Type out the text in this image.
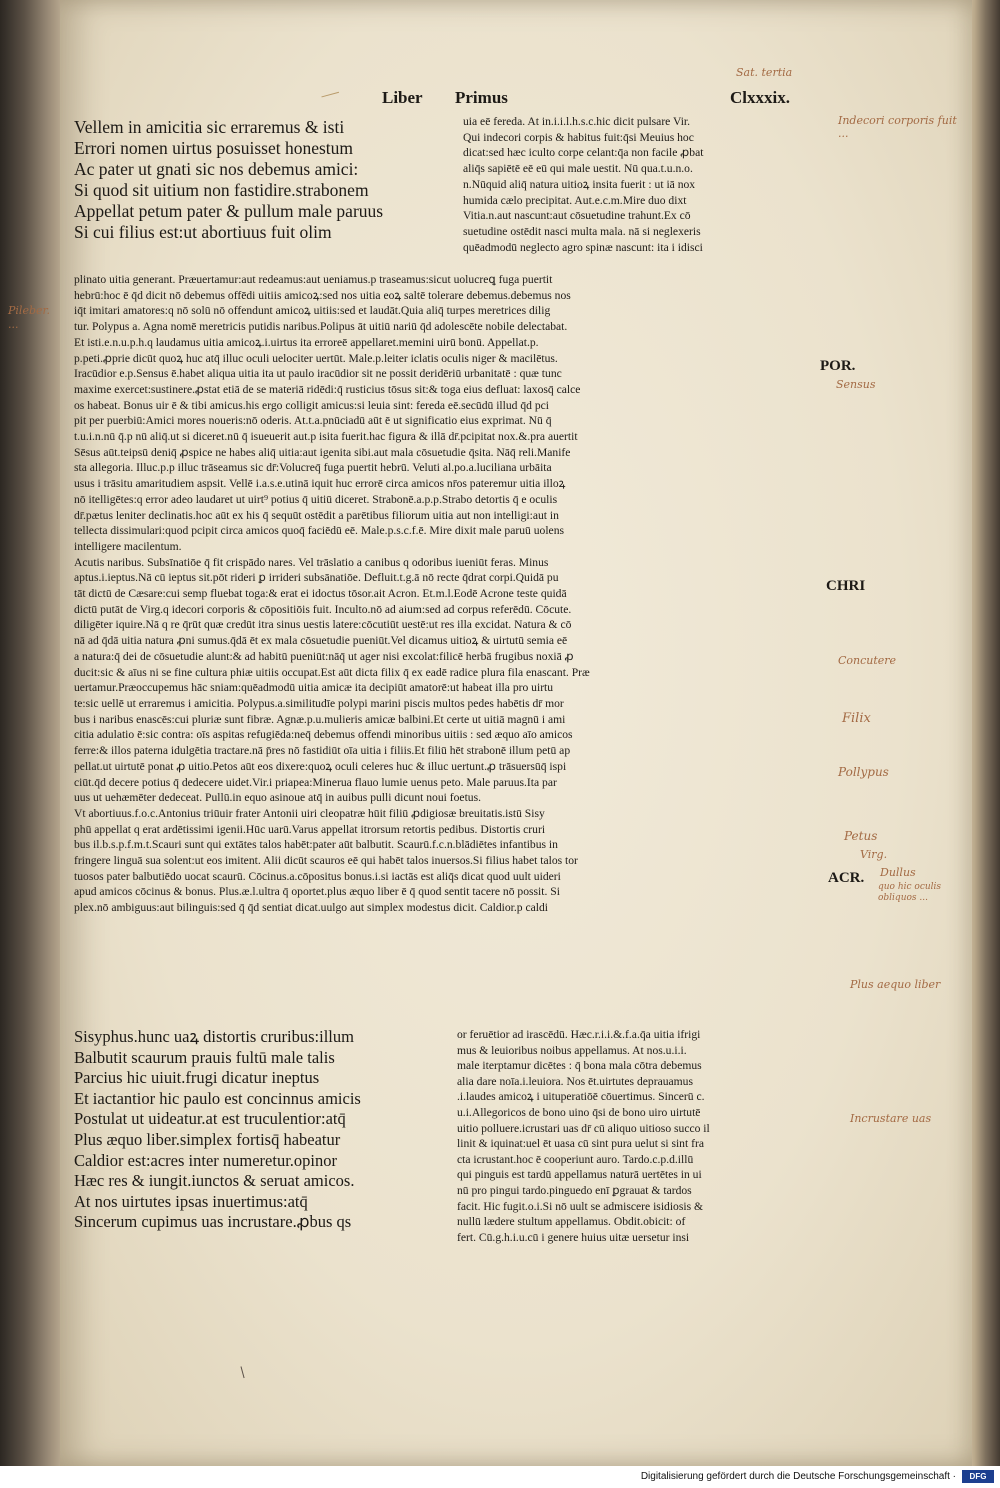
Liber Primus	Clxxxix.
Sat. tertia
Indecori corporis fuit ...
Pileber.
...
Vellem in amicitia sic erraremus & isti
Errori nomen uirtus posuisset honestum
Ac pater ut gnati sic nos debemus amici:
Si quod sit uitium non fastidire.strabonem
Appellat petum pater & pullum male paruus
Si cui filius est:ut abortiuus fuit olim
uia eē fereda. At in.i.i.l.h.s.c.hic dicit pulsare Vir.
Qui indecori corpis & habitus fuit:q̄si Meuius hoc
dicat:sed hæc iculto corpe celant:q̄a non facile ꝓbat
aliq̄s sapiētē eē eū qui male uestit. Nū qua.t.u.n.o.
n.Nūquid aliq̄ natura uitioꝝ insita fuerit : ut iā nox
humida cælo precipitat. Aut.e.c.m.Mire duo dixt
Vitia.n.aut nascunt:aut cōsuetudine trahunt.Ex cō
suetudine ostēdit nasci multa mala. nā si neglexeris
quēadmodū neglecto agro spinæ nascunt: ita i idisci
plinato uitia generant. Præuertamur:aut redeamus:aut ueniamus.p traseamus:sicut uolucreꝗ fuga puertit
hebrū:hoc ē q̄d dicit nō debemus offēdi uitiis amicoꝝ:sed nos uitia eoꝝ saltē tolerare debemus.debemus nos
iq̄t imitari amatores:q nō solū nō offendunt amicoꝝ uitiis:sed et laudāt.Quia aliq̄ turpes meretrices dilig
tur. Polypus a. Agna nomē meretricis putidis naribus.Polipus āt uitiū nariū q̄d adolescēte nobile delectabat.
Et isti.e.n.u.p.h.q laudamus uitia amicoꝝ.i.uirtus ita erroreē appellaret.memini uirū bonū. Appellat.p.
p.peti.ꝓprie dicūt quoꝝ huc atq̄ illuc oculi uelociter uertūt. Male.p.leiter iclatis oculis niger & macilētus.
Iracūdior e.p.Sensus ē.habet aliqua uitia ita ut paulo iracūdior sit ne possit deridēriū urbanitatē : quæ tunc
maxime exercet:sustinere.ꝓstat etiā de se materiā ridēdi:q̄ rusticius tōsus sit:& toga eius defluat: laxosq̄ calce
os habeat. Bonus uir ē & tibi amicus.his ergo colligit amicus:si leuia sint: fereda eē.secūdū illud q̄d pci
pit per puerbiū:Amici mores noueris:nō oderis. At.t.a.pnūciadū aūt ē ut significatio eius exprimat. Nū q̄
t.u.i.n.nū q̄.p nū aliq̄.ut si diceret.nū q̄ isueuerit aut.p isita fuerit.hac figura & illā dr̄.pcipitat nox.&.pra auertit
Sēsus aūt.teipsū deniq̄ ꝓspice ne habes aliq̄ uitia:aut igenita sibi.aut mala cōsuetudie q̄sita. Nāq̄ reli.Manife
sta allegoria. Illuc.p.p illuc trāseamus sic dr̄:Volucreq̄ fuga puertit hebrū. Veluti al.po.a.luciliana urbāita
usus i trāsitu amaritudiem aspsit. Vellē i.a.s.e.utinā iquit huc errorē circa amicos nr̄os pateremur uitia illoꝝ
nō itelligētes:q error adeo laudaret ut uirt⁹ potius q̄ uitiū diceret. Strabonē.a.p.p.Strabo detortis q̄ e oculis
dr̄.pætus leniter declinatis.hoc aūt ex his q̄ sequūt ostēdit a parētibus filiorum uitia aut non intelligi:aut in
tellecta dissimulari:quod pcipit circa amicos quoq̄ faciēdū eē. Male.p.s.c.f.ē. Mire dixit male paruū uolens
intelligere macilentum.
Acutis naribus. Subsīnatiōe q̄ fit crispādo nares. Vel trāslatio a canibus q odoribus iueniūt feras. Minus
aptus.i.ieptus.Nā cū ieptus sit.pōt rideri ꝑ irrideri subsānatiōe. Defluit.t.g.ā nō recte q̄drat corpi.Quidā pu
tāt dictū de Cæsare:cui semp fluebat toga:& erat ei idoctus tōsor.ait Acron. Et.m.l.Eodē Acrone teste quidā
dictū putāt de Virg.q idecori corporis & cōpositiōis fuit. Inculto.nō ad aium:sed ad corpus referēdū. Cōcute.
diligēter iquire.Nā q re q̄rūt quæ credūt itra sinus uestis latere:cōcutiūt uestē:ut res illa excidat. Natura & cō
nā ad q̄dā uitia natura ꝓni sumus.q̄dā ēt ex mala cōsuetudie pueniūt.Vel dicamus uitioꝝ & uirtutū semia eē
a natura:q̄ dei de cōsuetudie alunt:& ad habitū pueniūt:nāq̄ ut ager nisi excolat:filicē herbā frugibus noxiā ꝓ
ducit:sic & aīus ni se fine cultura phiæ uitiis occupat.Est aūt dicta filix q̄ ex eadē radice plura fila enascant. Præ
uertamur.Præoccupemus hāc sniam:quēadmodū uitia amicæ ita decipiūt amatorē:ut habeat illa pro uirtu
te:sic uellē ut erraremus i amicitia. Polypus.a.similitudīe polypi marini piscis multos pedes habētis dr̄ mor
bus i naribus enascēs:cui pluriæ sunt fibræ. Agnæ.p.u.mulieris amicæ balbini.Et certe ut uitiā magnū i ami
citia adulatio ē:sic contra: oīs aspitas refugiēda:neq̄ debemus offendi minoribus uitiis : sed æquo aīo amicos
ferre:& illos paterna idulgētia tractare.nā p̄res nō fastidiūt oīa uitia i filiis.Et filiū hēt strabonē illum petū ap
pellat.ut uirtutē ponat ꝓ uitio.Petos aūt eos dixere:quoꝝ oculi celeres huc & illuc uertunt.ꝓ trāsuersūq̄ ispi
ciūt.q̄d decere potius q̄ dedecere uidet.Vir.i priapea:Minerua flauo lumie uenus peto. Male paruus.Ita par
uus ut uehæmēter dedeceat. Pullū.in equo asinoue atq̄ in auibus pulli dicunt noui foetus.
Vt abortiuus.f.o.c.Antonius triūuir frater Antonii uiri cleopatræ hūit filiū ꝓdigiosæ breuitatis.istū Sisy
phū appellat q erat ardētissimi igenii.Hūc uarū.Varus appellat itrorsum retortis pedibus. Distortis cruri
bus il.b.s.p.f.m.t.Scauri sunt qui extātes talos habēt:pater aūt balbutit. Scaurū.f.c.n.blādiētes infantibus in
fringere linguā sua solent:ut eos imitent. Alii dicūt scauros eē qui habēt talos inuersos.Si filius habet talos tor
tuosos pater balbutiēdo uocat scaurū. Cōcinus.a.cōpositus bonus.i.si iactās est aliq̄s dicat quod uult uideri
apud amicos cōcinus & bonus. Plus.æ.l.ultra q̄ oportet.plus æquo liber ē q̄ quod sentit tacere nō possit. Si
plex.nō ambiguus:aut bilinguis:sed q̄ q̄d sentiat dicat.uulgo aut simplex modestus dicit. Caldior.p caldi
Sisyphus.hunc uaꝝ distortis cruribus:illum
Balbutit scaurum prauis fultū male talis
Parcius hic uiuit.frugi dicatur ineptus
Et iactantior hic paulo est concinnus amicis
Postulat ut uideatur.at est truculentior:atq̄
Plus æquo liber.simplex fortisq̄ habeatur
Caldior est:acres inter numeretur.opinor
Hæc res & iungit.iunctos & seruat amicos.
At nos uirtutes ipsas inuertimus:atq̄
Sincerum cupimus uas incrustare.ꝓbus qs
or feruētior ad irascēdū. Hæc.r.i.i.&.f.a.q̄a uitia ifrigi
mus & leuioribus noibus appellamus. At nos.u.i.i.
male iterptamur dicētes : q̄ bona mala cōtra debemus
alia dare noīa.i.leuiora. Nos ēt.uirtutes deprauamus
.i.laudes amicoꝝ i uituperatiōē cōuertimus. Sincerū c.
u.i.Allegoricos de bono uino q̄si de bono uiro uirtutē
uitio polluere.icrustari uas dr̄ cū aliquo uitioso succo il
linit & iquinat:uel ēt uasa cū sint pura uelut si sint fra
cta icrustant.hoc ē cooperiunt auro. Tardo.c.p.d.illū
qui pinguis est tardū appellamus naturā uertētes in ui
nū pro pingui tardo.pinguedo enī ꝑgrauat & tardos
facit. Hic fugit.o.i.Si nō uult se admiscere isidiosis &
nullū lædere stultum appellamus. Obdit.obicit: of
fert. Cū.g.h.i.u.cū i genere huius uitæ uersetur insi
POR.
Sensus
CHRI
Concutere
Filix
Pollypus
Petus
Virg.
ACR. Dullus
quo hic oculis obliquos ...
Plus aequo liber
Incrustare uas
Digitalisierung gefördert durch die Deutsche Forschungsgemeinschaft ·	DFG
